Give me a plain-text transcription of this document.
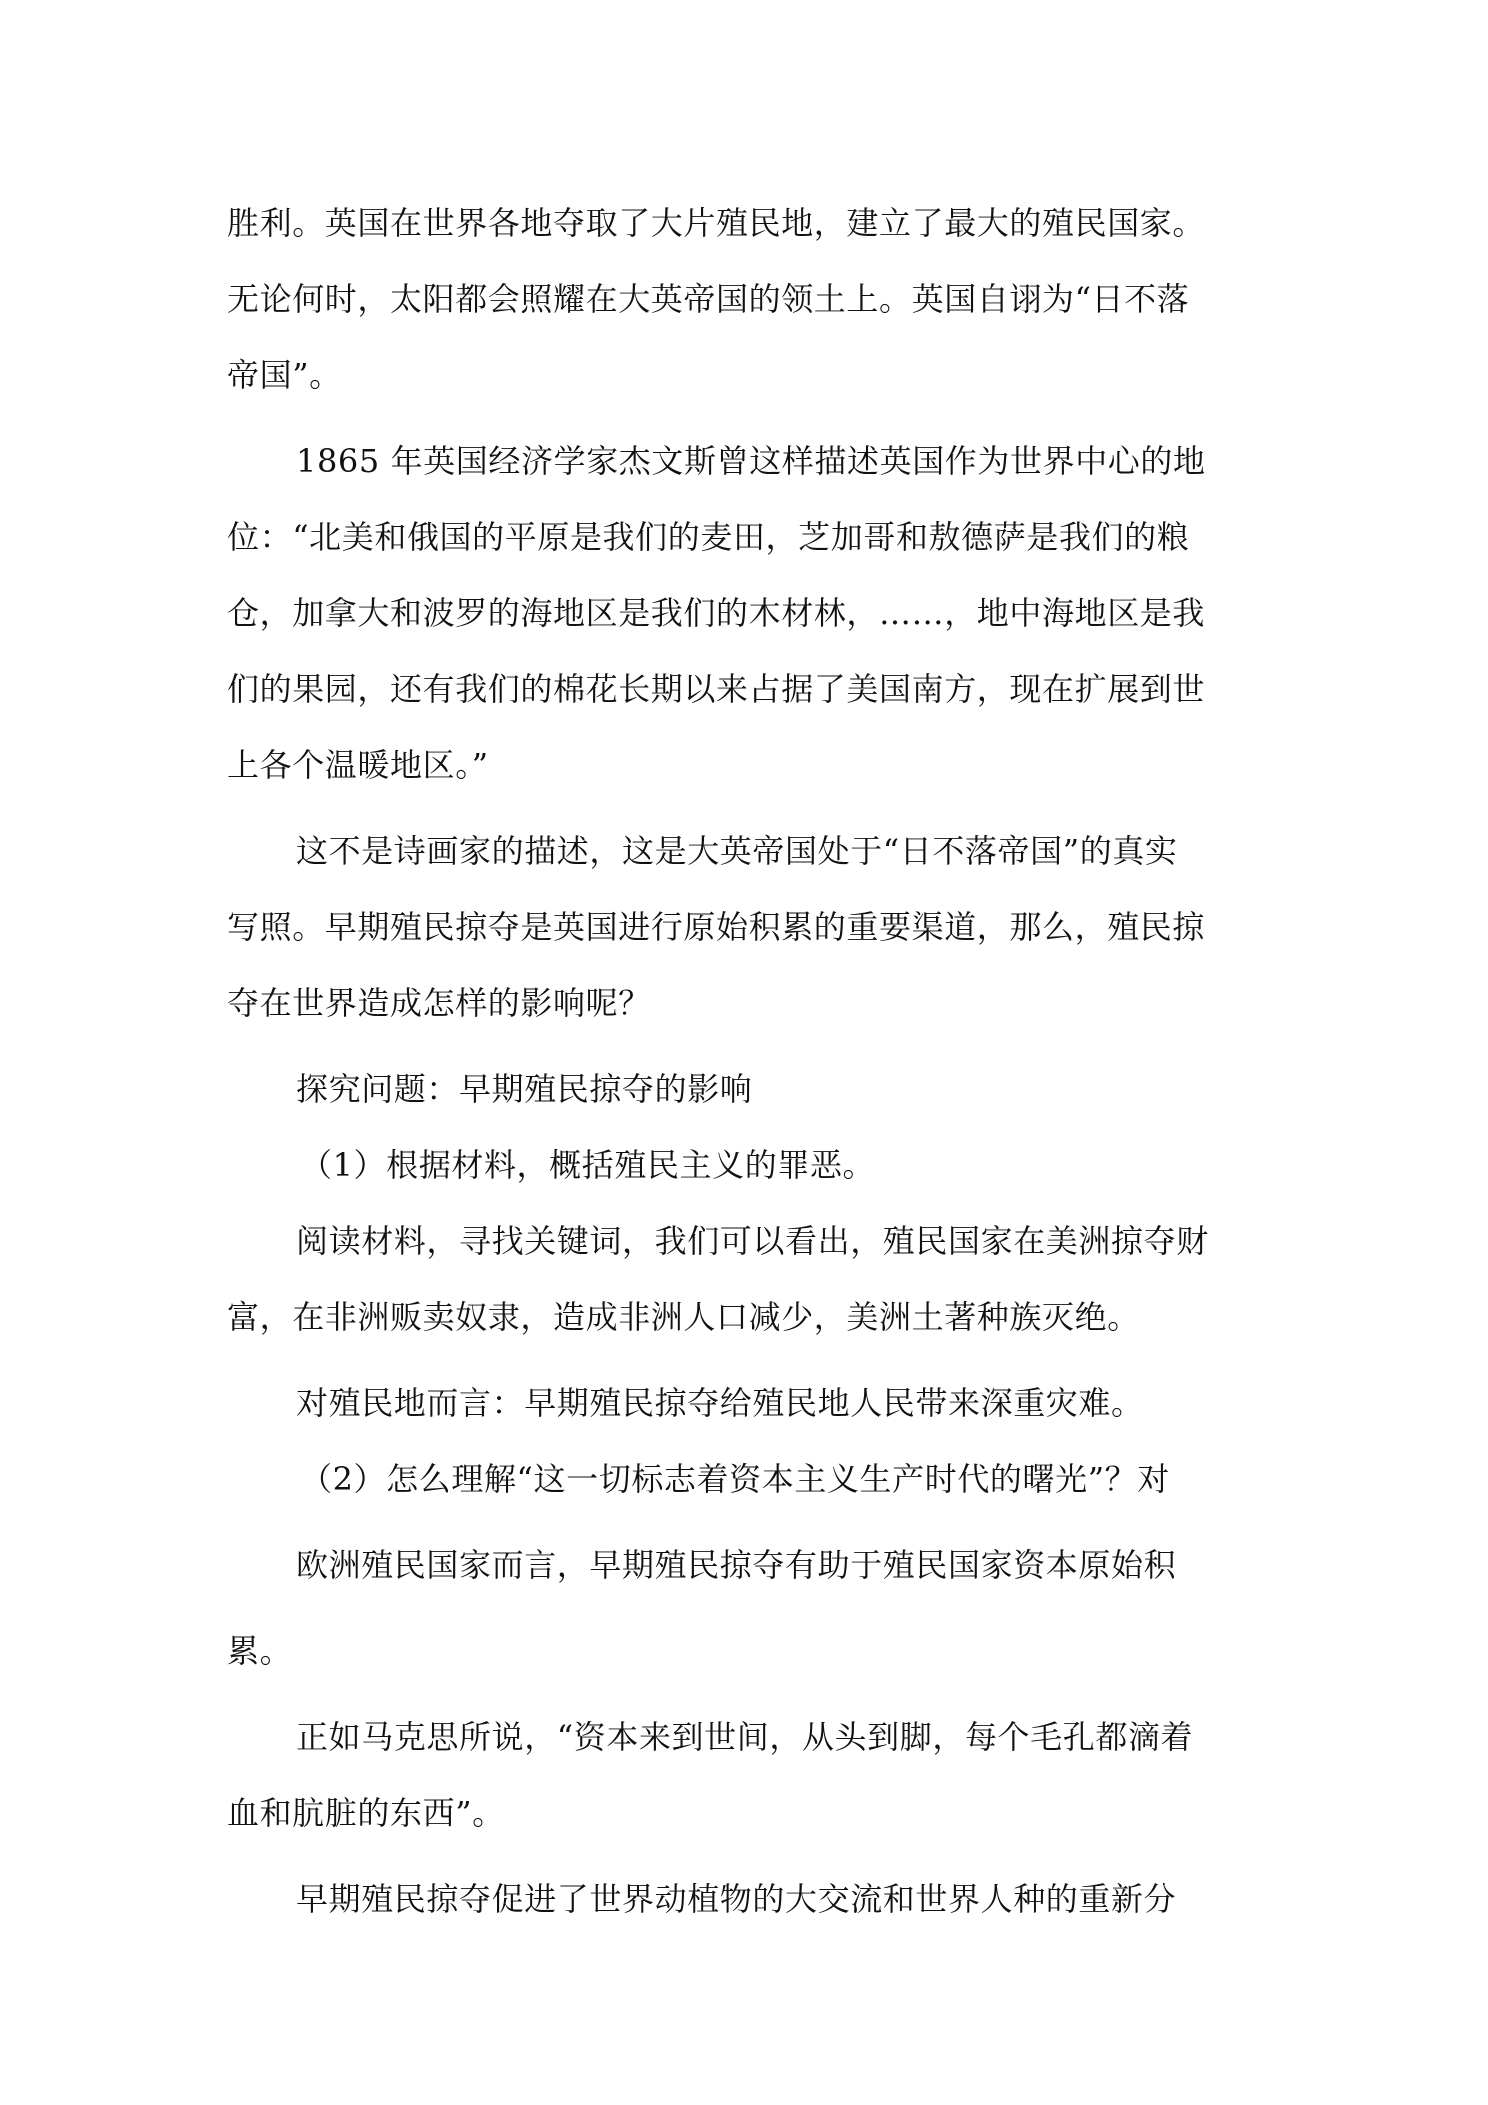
胜利。英国在世界各地夺取了大片殖民地，建立了最大的殖民国家。
无论何时，太阳都会照耀在大英帝国的领土上。英国自诩为“日不落
帝国”。
1865 年英国经济学家杰文斯曾这样描述英国作为世界中心的地
位：“北美和俄国的平原是我们的麦田，芝加哥和敖德萨是我们的粮
仓，加拿大和波罗的海地区是我们的木材林，……，地中海地区是我
们的果园，还有我们的棉花长期以来占据了美国南方，现在扩展到世
上各个温暖地区。”
这不是诗画家的描述，这是大英帝国处于“日不落帝国”的真实
写照。早期殖民掠夺是英国进行原始积累的重要渠道，那么，殖民掠
夺在世界造成怎样的影响呢？
探究问题：早期殖民掠夺的影响
（1）根据材料，概括殖民主义的罪恶。
阅读材料，寻找关键词，我们可以看出，殖民国家在美洲掠夺财
富，在非洲贩卖奴隶，造成非洲人口减少，美洲土著种族灭绝。
对殖民地而言：早期殖民掠夺给殖民地人民带来深重灾难。
（2）怎么理解“这一切标志着资本主义生产时代的曙光”？对
欧洲殖民国家而言，早期殖民掠夺有助于殖民国家资本原始积
累。
正如马克思所说，“资本来到世间，从头到脚，每个毛孔都滴着
血和肮脏的东西”。
早期殖民掠夺促进了世界动植物的大交流和世界人种的重新分
